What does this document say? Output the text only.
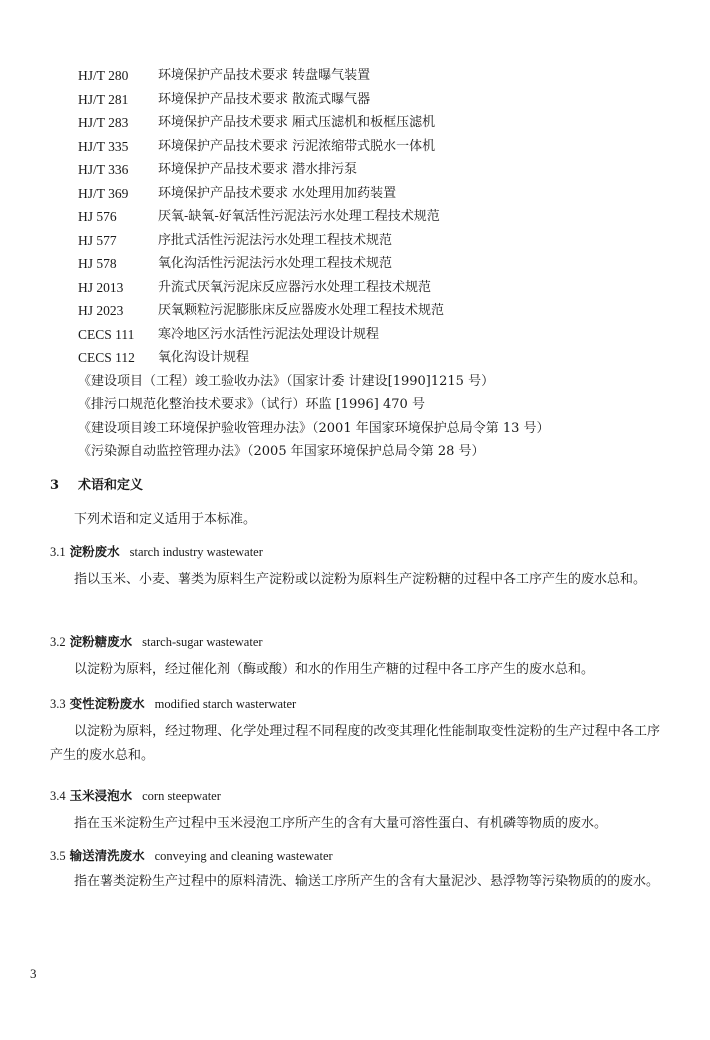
HJ/T 280	环境保护产品技术要求 转盘曝气装置
HJ/T 281	环境保护产品技术要求 散流式曝气器
HJ/T 283	环境保护产品技术要求 厢式压滤机和板框压滤机
HJ/T 335	环境保护产品技术要求 污泥浓缩带式脱水一体机
HJ/T 336	环境保护产品技术要求 潜水排污泵
HJ/T 369	环境保护产品技术要求 水处理用加药装置
HJ 576	厌氧-缺氧-好氧活性污泥法污水处理工程技术规范
HJ 577	序批式活性污泥法污水处理工程技术规范
HJ 578	氧化沟活性污泥法污水处理工程技术规范
HJ 2013	升流式厌氧污泥床反应器污水处理工程技术规范
HJ 2023	厌氧颗粒污泥膨胀床反应器废水处理工程技术规范
CECS 111	寒冷地区污水活性污泥法处理设计规程
CECS 112	氧化沟设计规程
《建设项目（工程）竣工验收办法》（国家计委 计建设[1990]1215 号）
《排污口规范化整治技术要求》（试行）环监 [1996] 470 号
《建设项目竣工环境保护验收管理办法》（2001 年国家环境保护总局令第 13 号）
《污染源自动监控管理办法》（2005 年国家环境保护总局令第 28 号）
3 术语和定义

下列术语和定义适用于本标准。

3.1 淀粉废水 starch industry wastewater

指以玉米、小麦、薯类为原料生产淀粉或以淀粉为原料生产淀粉糖的过程中各工序产生的废水总和。

3.2 淀粉糖废水 starch-sugar wastewater

以淀粉为原料，经过催化剂（酶或酸）和水的作用生产糖的过程中各工序产生的废水总和。

3.3 变性淀粉废水 modified starch wasterwater

以淀粉为原料，经过物理、化学处理过程不同程度的改变其理化性能制取变性淀粉的生产过程中各工序产生的废水总和。

3.4 玉米浸泡水 corn steepwater

指在玉米淀粉生产过程中玉米浸泡工序所产生的含有大量可溶性蛋白、有机磷等物质的废水。

3.5 输送清洗废水 conveying and cleaning wastewater

指在薯类淀粉生产过程中的原料清洗、输送工序所产生的含有大量泥沙、悬浮物等污染物质的的废水。

3
